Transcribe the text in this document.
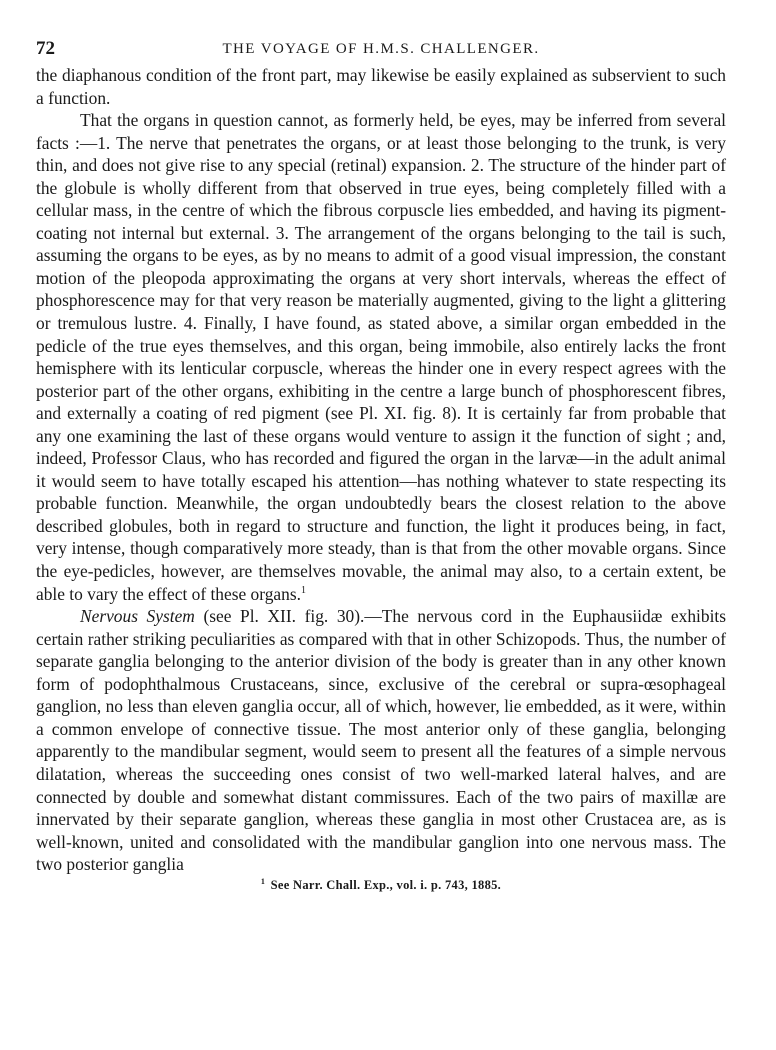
72	THE VOYAGE OF H.M.S. CHALLENGER.

the diaphanous condition of the front part, may likewise be easily explained as subservient to such a function.

That the organs in question cannot, as formerly held, be eyes, may be inferred from several facts :—1. The nerve that penetrates the organs, or at least those belonging to the trunk, is very thin, and does not give rise to any special (retinal) expansion. 2. The structure of the hinder part of the globule is wholly different from that observed in true eyes, being completely filled with a cellular mass, in the centre of which the fibrous corpuscle lies embedded, and having its pigment-coating not internal but external. 3. The arrangement of the organs belonging to the tail is such, assuming the organs to be eyes, as by no means to admit of a good visual impression, the constant motion of the pleopoda approximating the organs at very short intervals, whereas the effect of phosphorescence may for that very reason be materially augmented, giving to the light a glittering or tremulous lustre. 4. Finally, I have found, as stated above, a similar organ embedded in the pedicle of the true eyes themselves, and this organ, being immobile, also entirely lacks the front hemisphere with its lenticular corpuscle, whereas the hinder one in every respect agrees with the posterior part of the other organs, exhibiting in the centre a large bunch of phosphorescent fibres, and externally a coating of red pigment (see Pl. XI. fig. 8). It is certainly far from probable that any one examining the last of these organs would venture to assign it the function of sight ; and, indeed, Professor Claus, who has recorded and figured the organ in the larvæ—in the adult animal it would seem to have totally escaped his attention—has nothing whatever to state respecting its probable function. Meanwhile, the organ undoubtedly bears the closest relation to the above described globules, both in regard to structure and function, the light it produces being, in fact, very intense, though comparatively more steady, than is that from the other movable organs. Since the eye-pedicles, however, are themselves movable, the animal may also, to a certain extent, be able to vary the effect of these organs.$^1$

Nervous System (see Pl. XII. fig. 30).—The nervous cord in the Euphausiidæ exhibits certain rather striking peculiarities as compared with that in other Schizopods. Thus, the number of separate ganglia belonging to the anterior division of the body is greater than in any other known form of podophthalmous Crustaceans, since, exclusive of the cerebral or supra-œsophageal ganglion, no less than eleven ganglia occur, all of which, however, lie embedded, as it were, within a common envelope of connective tissue. The most anterior only of these ganglia, belonging apparently to the mandibular segment, would seem to present all the features of a simple nervous dilatation, whereas the succeeding ones consist of two well-marked lateral halves, and are connected by double and somewhat distant commissures. Each of the two pairs of maxillæ are innervated by their separate ganglion, whereas these ganglia in most other Crustacea are, as is well-known, united and consolidated with the mandibular ganglion into one nervous mass. The two posterior ganglia

$^1$ See Narr. Chall. Exp., vol. i. p. 743, 1885.
